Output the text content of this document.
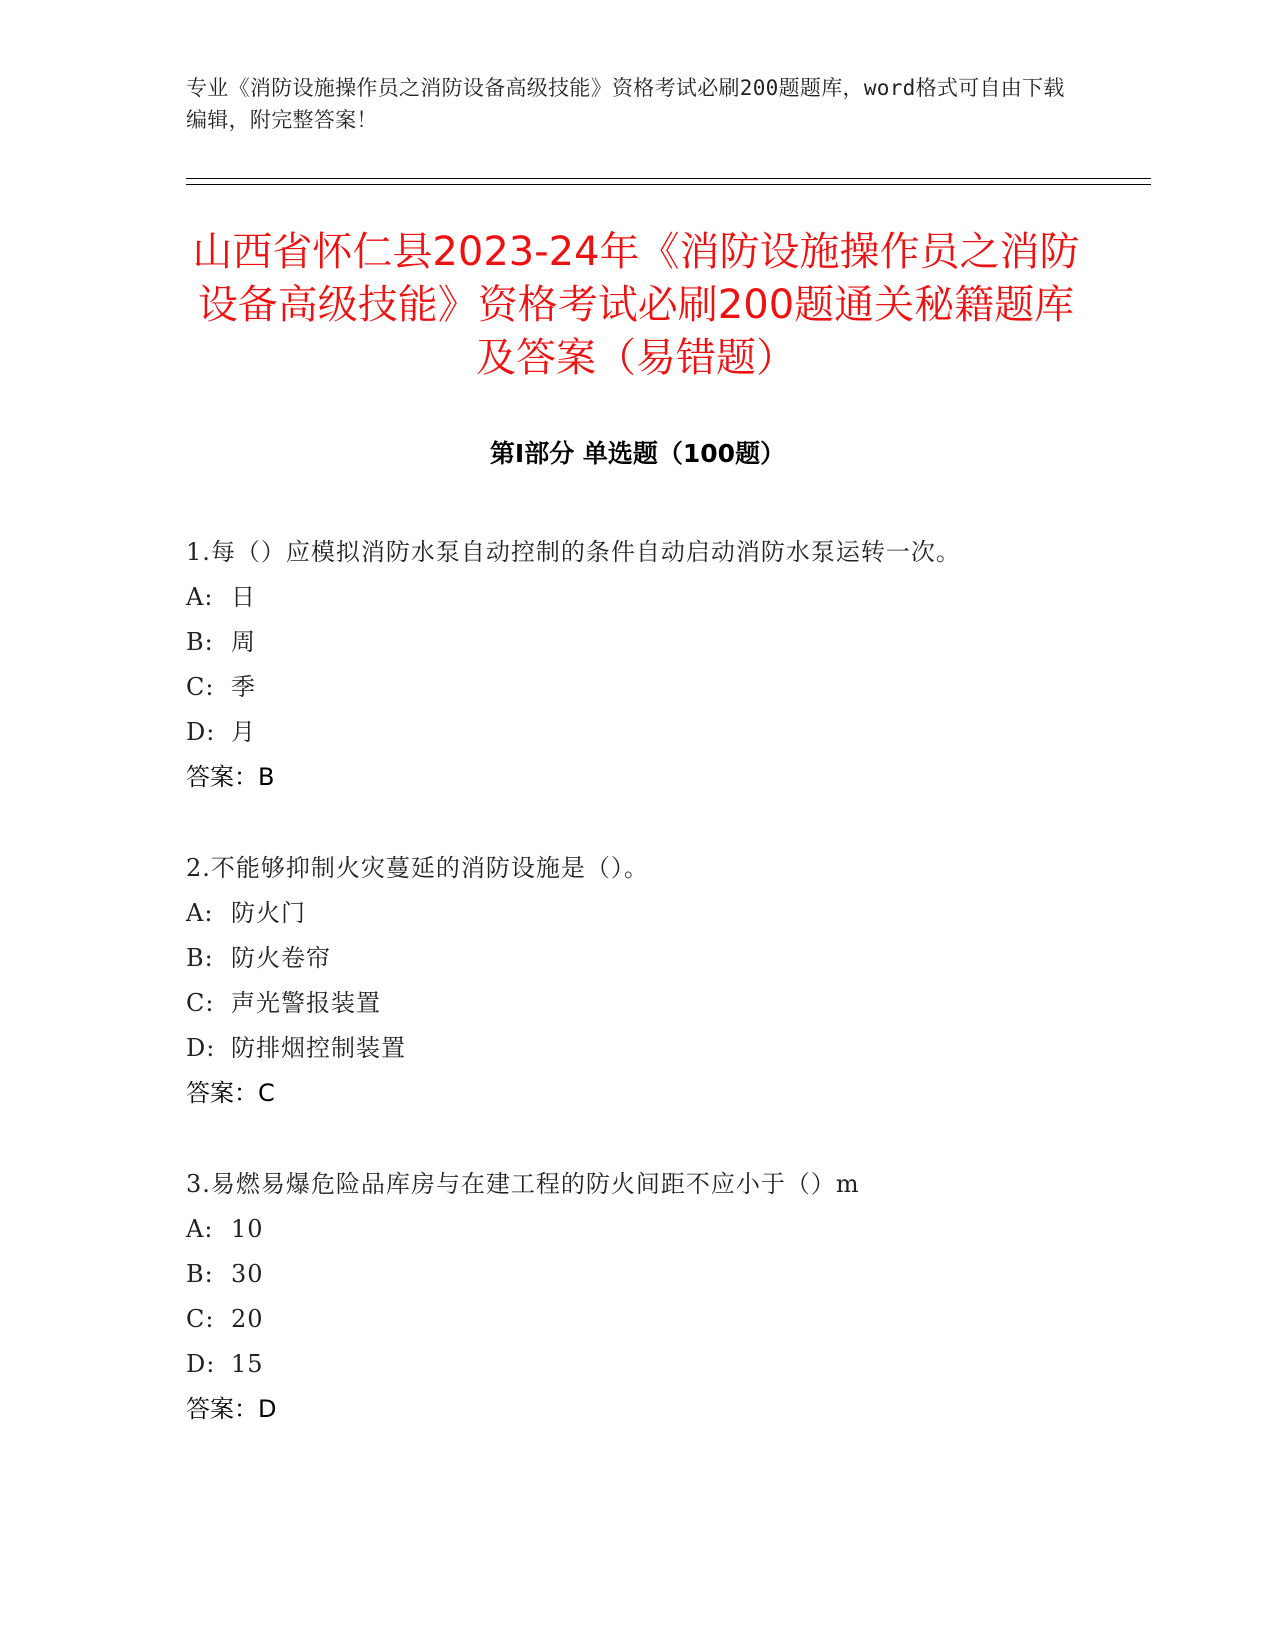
专业《消防设施操作员之消防设备高级技能》资格考试必刷200题题库，word格式可自由下载编辑，附完整答案！
山西省怀仁县2023-24年《消防设施操作员之消防设备高级技能》资格考试必刷200题通关秘籍题库及答案（易错题）
第Ⅰ部分 单选题（100题）
1.每（）应模拟消防水泵自动控制的条件自动启动消防水泵运转一次。
A: 日
B: 周
C: 季
D: 月
答案：B
2.不能够抑制火灾蔓延的消防设施是（）。
A: 防火门
B: 防火卷帘
C: 声光警报装置
D: 防排烟控制装置
答案：C
3.易燃易爆危险品库房与在建工程的防火间距不应小于（）m
A: 10
B: 30
C: 20
D: 15
答案：D
